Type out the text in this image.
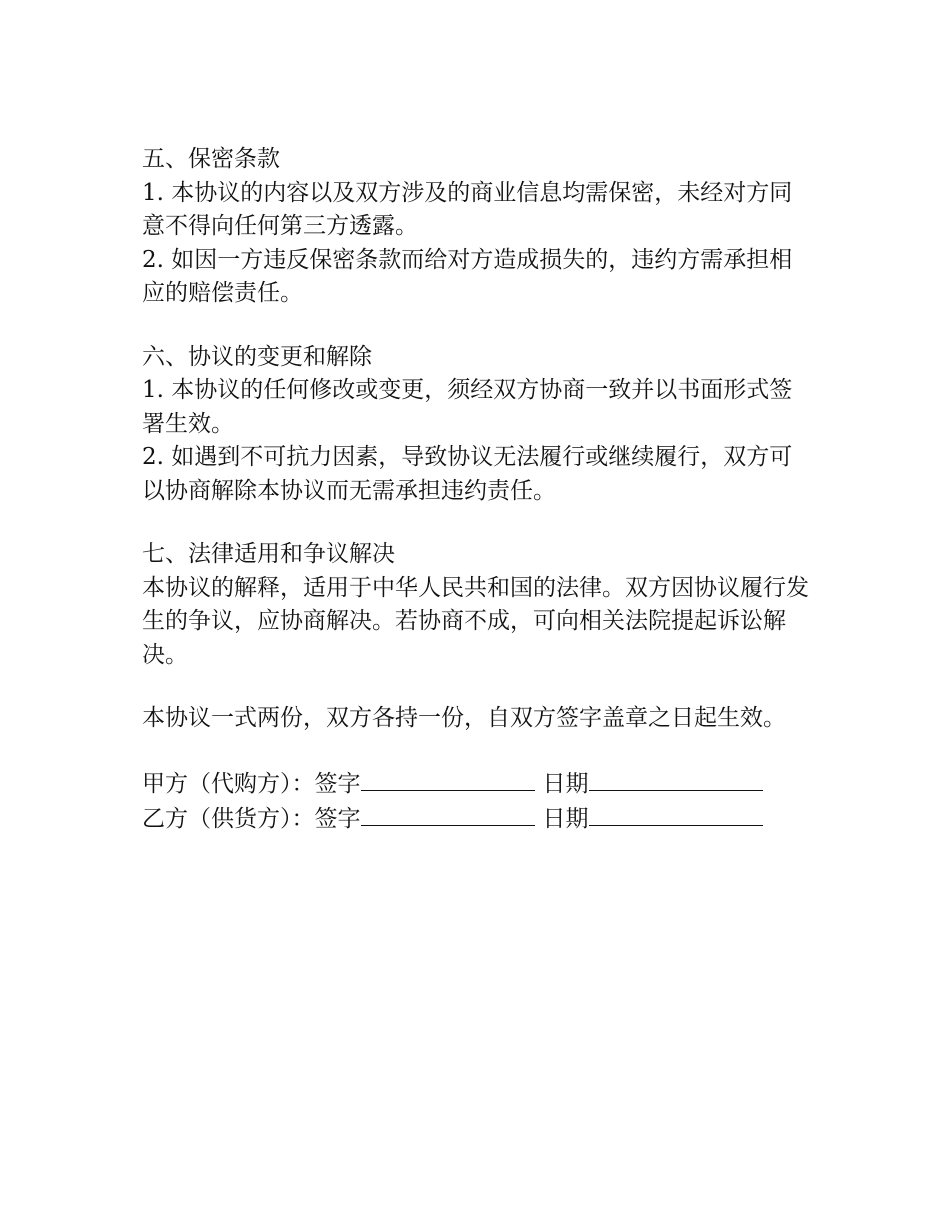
五、保密条款

1. 本协议的内容以及双方涉及的商业信息均需保密，未经对方同意不得向任何第三方透露。

2. 如因一方违反保密条款而给对方造成损失的，违约方需承担相应的赔偿责任。

六、协议的变更和解除

1. 本协议的任何修改或变更，须经双方协商一致并以书面形式签署生效。

2. 如遇到不可抗力因素，导致协议无法履行或继续履行，双方可以协商解除本协议而无需承担违约责任。

七、法律适用和争议解决

本协议的解释，适用于中华人民共和国的法律。双方因协议履行发生的争议，应协商解决。若协商不成，可向相关法院提起诉讼解决。

本协议一式两份，双方各持一份，自双方签字盖章之日起生效。

甲方（代购方）：签字	日期

乙方（供货方）：签字	日期
